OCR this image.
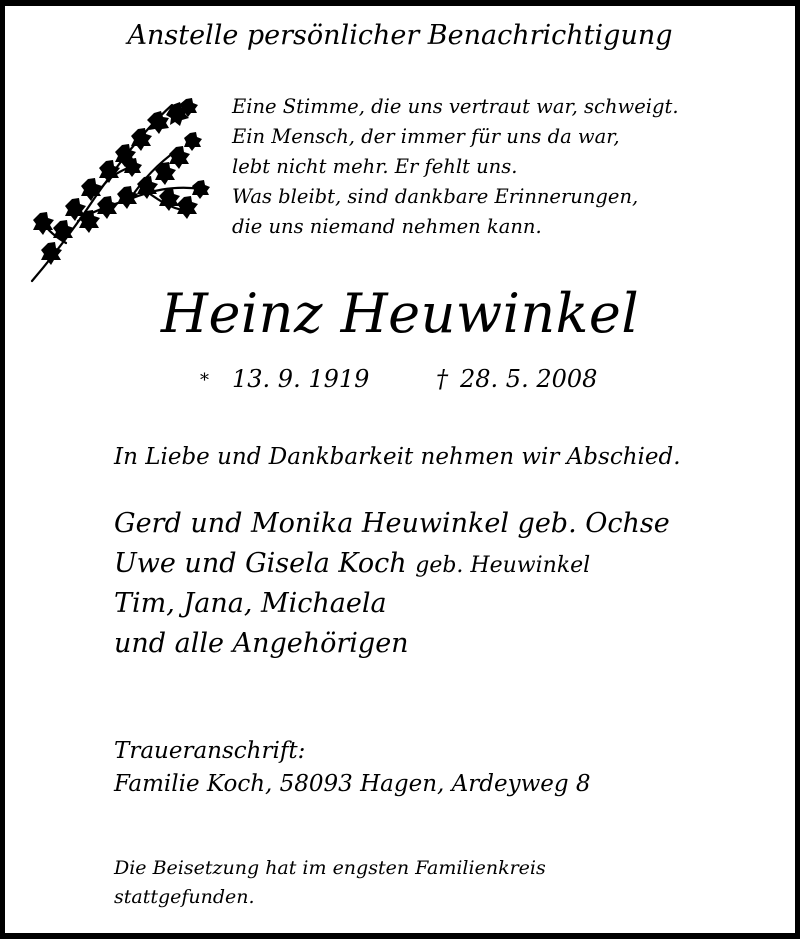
Anstelle persönlicher Benachrichtigung

Eine Stimme, die uns vertraut war, schweigt.
Ein Mensch, der immer für uns da war,
lebt nicht mehr. Er fehlt uns.
Was bleibt, sind dankbare Erinnerungen,
die uns niemand nehmen kann.

Heinz Heuwinkel

* 13. 9. 1919	† 28. 5. 2008

In Liebe und Dankbarkeit nehmen wir Abschied.

Gerd und Monika Heuwinkel geb. Ochse

Uwe und Gisela Koch geb. Heuwinkel

Tim, Jana, Michaela

und alle Angehörigen

Traueranschrift:

Familie Koch, 58093 Hagen, Ardeyweg 8

Die Beisetzung hat im engsten Familienkreis
stattgefunden.
